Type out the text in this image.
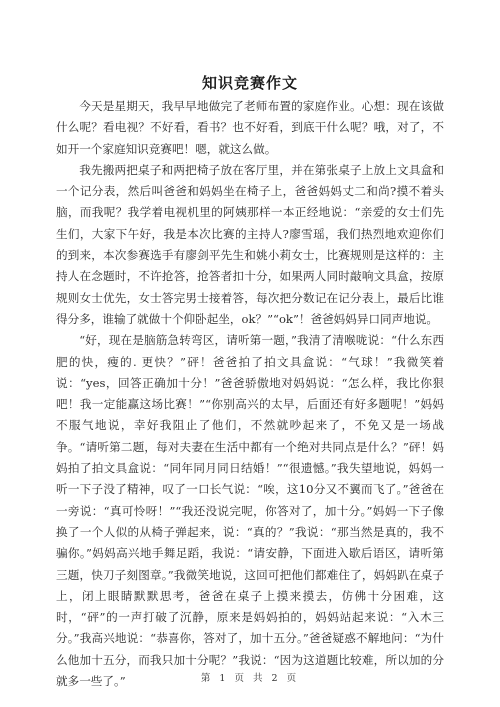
知识竞赛作文

今天是星期天，我早早地做完了老师布置的家庭作业。心想：现在该做什么呢？看电视？不好看，看书？也不好看，到底干什么呢？哦，对了，不如开一个家庭知识竞赛吧！嗯，就这么做。

我先搬两把桌子和两把椅子放在客厅里，并在第张桌子上放上文具盒和一个记分表，然后叫爸爸和妈妈坐在椅子上，爸爸妈妈丈二和尚?摸不着头脑，而我呢？我学着电视机里的阿姨那样一本正经地说：“亲爱的女士们先生们，大家下午好，我是本次比赛的主持人?廖雪瑶，我们热烈地欢迎你们的到来，本次参赛选手有廖剑平先生和姚小莉女士，比赛规则是这样的：主持人在念题时，不许抢答，抢答者扣十分，如果两人同时敲响文具盒，按原规则女士优先，女士答完男士接着答，每次把分数记在记分表上，最后比谁得分多，谁输了就做十个仰卧起坐，ok？”“ok”！爸爸妈妈异口同声地说。

“好，现在是脑筋急转弯区，请听第一题，”我清了清喉咙说：“什么东西肥的快，瘦的. 更快？”砰！爸爸拍了拍文具盒说：“气球！”我微笑着说：“yes，回答正确加十分！”爸爸骄傲地对妈妈说：“怎么样，我比你狠吧！我一定能赢这场比赛！”“你别高兴的太早，后面还有好多题呢！”妈妈不服气地说，幸好我阻止了他们，不然就吵起来了，不免又是一场战争。“请听第二题，每对夫妻在生活中都有一个绝对共同点是什么？”砰！妈妈拍了拍文具盒说：“同年同月同日结婚！”“很遗憾。”我失望地说，妈妈一听一下子没了精神，叹了一口长气说：“唉，这10分又不翼而飞了。”爸爸在一旁说：“真可怜呀！”“我还没说完呢，你答对了，加十分。”妈妈一下子像换了一个人似的从椅子弹起来，说：“真的？”我说：“那当然是真的，我不骗你。”妈妈高兴地手舞足蹈，我说：“请安静，下面进入歇后语区，请听第三题，快刀子刻图章。”我微笑地说，这回可把他们都难住了，妈妈趴在桌子上，闭上眼睛默默思考，爸爸在桌子上摸来摸去，仿佛十分困难，这时，“砰”的一声打破了沉静，原来是妈妈拍的，妈妈站起来说：“入木三分。”我高兴地说：“恭喜你，答对了，加十五分。”爸爸疑惑不解地问：“为什么他加十五分，而我只加十分呢？”我说：“因为这道题比较难，所以加的分就多一些了。”	第 1 页 共 2 页
